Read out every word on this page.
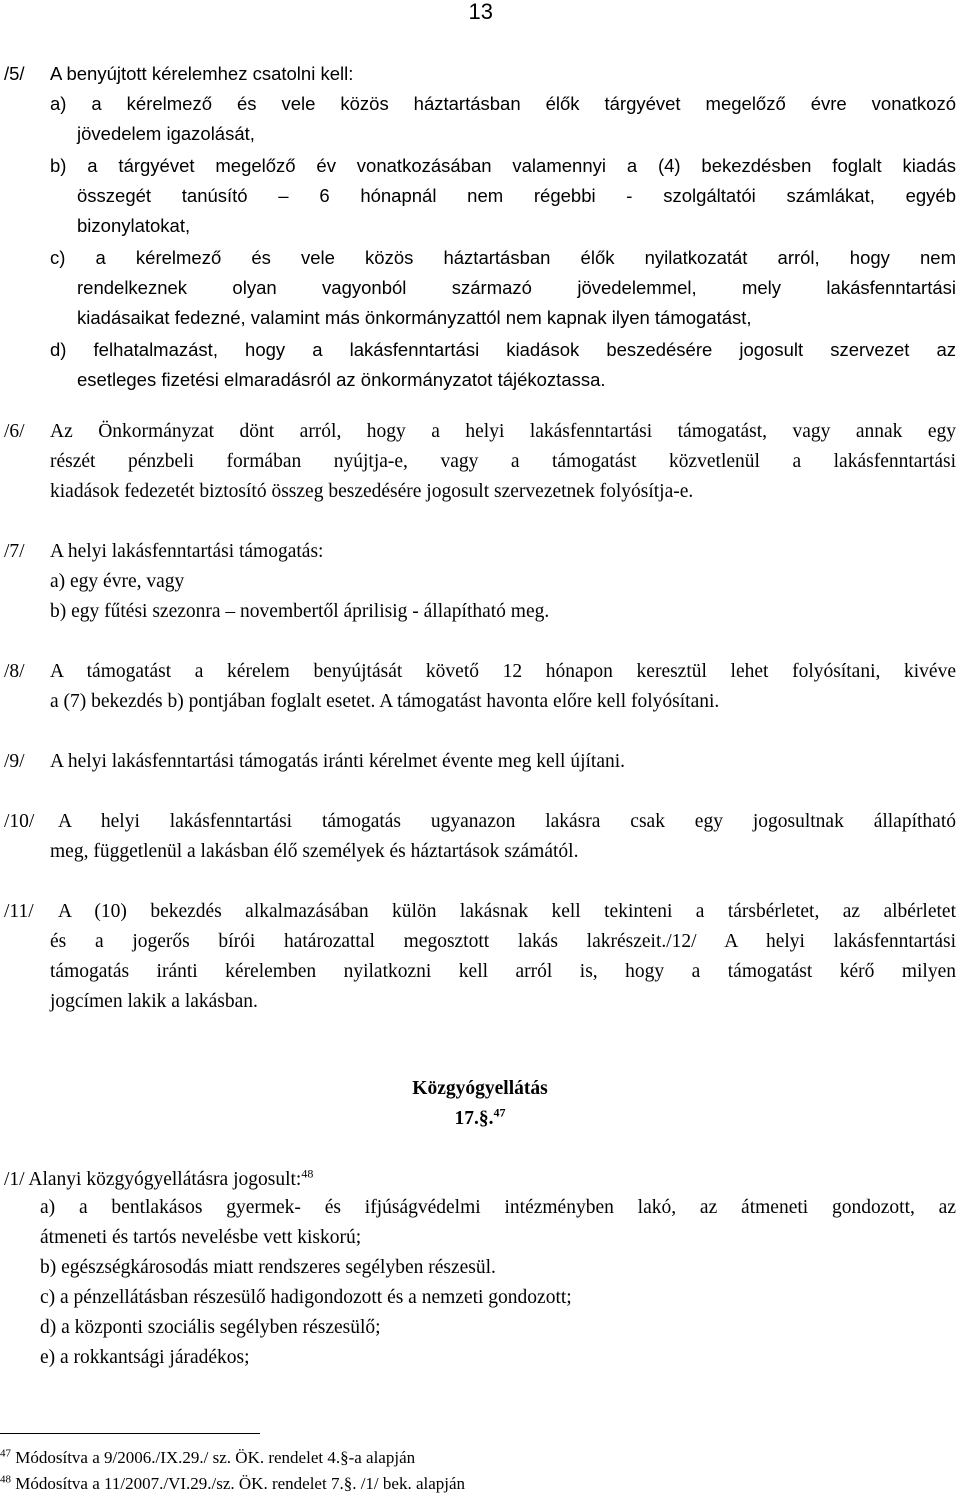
13
/5/ A benyújtott kérelemhez csatolni kell:
a) a kérelmező és vele közös háztartásban élők tárgyévet megelőző évre vonatkozó
jövedelem igazolását,
b) a tárgyévet megelőző év vonatkozásában valamennyi a (4) bekezdésben foglalt kiadás
összegét tanúsító – 6 hónapnál nem régebbi - szolgáltatói számlákat, egyéb
bizonylatokat,
c) a kérelmező és vele közös háztartásban élők nyilatkozatát arról, hogy nem
rendelkeznek olyan vagyonból származó jövedelemmel, mely lakásfenntartási
kiadásaikat fedezné, valamint más önkormányzattól nem kapnak ilyen támogatást,
d) felhatalmazást, hogy a lakásfenntartási kiadások beszedésére jogosult szervezet az
esetleges fizetési elmaradásról az önkormányzatot tájékoztassa.
/6/ Az Önkormányzat dönt arról, hogy a helyi lakásfenntartási támogatást, vagy annak egy
részét pénzbeli formában nyújtja-e, vagy a támogatást közvetlenül a lakásfenntartási
kiadások fedezetét biztosító összeg beszedésére jogosult szervezetnek folyósítja-e.
/7/ A helyi lakásfenntartási támogatás:
a) egy évre, vagy
b) egy fűtési szezonra – novembertől áprilisig - állapítható meg.
/8/ A támogatást a kérelem benyújtását követő 12 hónapon keresztül lehet folyósítani, kivéve
a (7) bekezdés b) pontjában foglalt esetet. A támogatást havonta előre kell folyósítani.
/9/ A helyi lakásfenntartási támogatás iránti kérelmet évente meg kell újítani.
/10/ A helyi lakásfenntartási támogatás ugyanazon lakásra csak egy jogosultnak állapítható
meg, függetlenül a lakásban élő személyek és háztartások számától.
/11/ A (10) bekezdés alkalmazásában külön lakásnak kell tekinteni a társbérletet, az albérletet
és a jogerős bírói határozattal megosztott lakás lakrészeit./12/ A helyi lakásfenntartási
támogatás iránti kérelemben nyilatkozni kell arról is, hogy a támogatást kérő milyen
jogcímen lakik a lakásban.
Közgyógyellátás
17.§.$^{47}$
/1/ Alanyi közgyógyellátásra jogosult:$^{48}$
a) a bentlakásos gyermek- és ifjúságvédelmi intézményben lakó, az átmeneti gondozott, az
átmeneti és tartós nevelésbe vett kiskorú;
b) egészségkárosodás miatt rendszeres segélyben részesül.
c) a pénzellátásban részesülő hadigondozott és a nemzeti gondozott;
d) a központi szociális segélyben részesülő;
e) a rokkantsági járadékos;
$^{47}$ Módosítva a 9/2006./IX.29./ sz. ÖK. rendelet 4.§-a alapján
$^{48}$ Módosítva a 11/2007./VI.29./sz. ÖK. rendelet 7.§. /1/ bek. alapján
